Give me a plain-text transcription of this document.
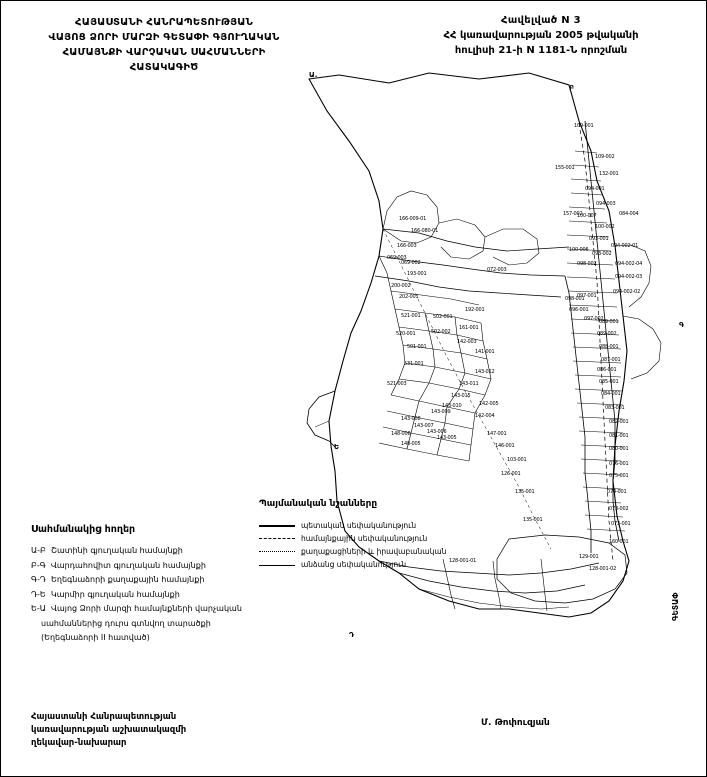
ՀԱՅԱՍՏԱՆԻ ՀԱՆՐԱՊԵՏՈՒԹՅԱՆ
ՎԱՅՈՑ ՁՈՐԻ ՄԱՐԶԻ ԳԵՏԱՓԻ ԳՅՈՒՂԱԿԱՆ
ՀԱՄԱՅՆՔԻ ՎԱՐՉԱԿԱՆ ՍԱՀՄԱՆՆԵՐԻ
ՀԱՏԱԿԱԳԻԾ
Հավելված N 3
ՀՀ կառավարության 2005 թվականի
հուլիսի 21-ի N 1181-Ն որոշման
109-001
109-002
132-001
094-001
094-003
100-007
100-002
166-009-01
166-080-01
093-001
100-006
093-002
094-002-01
166-003
069-003
069-002	098-002	094-002-04
193-001
072-003
094-002-03
200-002
202-001	098-001
094-002-02
097-001
192-001
521-001	502-001
096-001
097-002
089-001
520-001	502-002
161-001
089-002
501-001
142-003
088-001
141-001
087-001
531-001
143-012	086-001
521-003	143-011	085-001
143-015	084-001
143-010
143-009
083-001
142-005
142-004
143-008
143-007
143-006
143-005
148-006
148-005
082-001
147-001	081-001
146-001	080-001
103-001
076-001
126-001	075-001
135-001	074-001
135-001
073-002
073-001
128-001-01
129-001
128-001-02
160-001
084-004
157-002
155-001
Ա.
Բ
Գ
Դ
Ե
ԳԵՏԱՓ
Պայմանական նշանները
պետական սեփականություն
համայնքային սեփականություն
քաղաքացիների և իրավաբանական
անձանց սեփականություն
Սահմանակից հողեր
Ա-Բ  Շատինի գյուղական համայնքի
Բ-Գ  Վարդահովիտ գյուղական համայնքի
Գ-Դ  Եղեգնաձորի քաղաքային համայնքի
Դ-Ե  Կարմիր գյուղական համայնքի
Ե-Ա  Վայոց Ձորի մարզի համայնքների վարչական
սահմաններից դուրս գտնվող տարածքի
(Եղեգնաձորի II հատված)
Հայաստանի Հանրապետության
կառավարության աշխատակազմի
ղեկավար-նախարար
Մ. Թոփուզյան
